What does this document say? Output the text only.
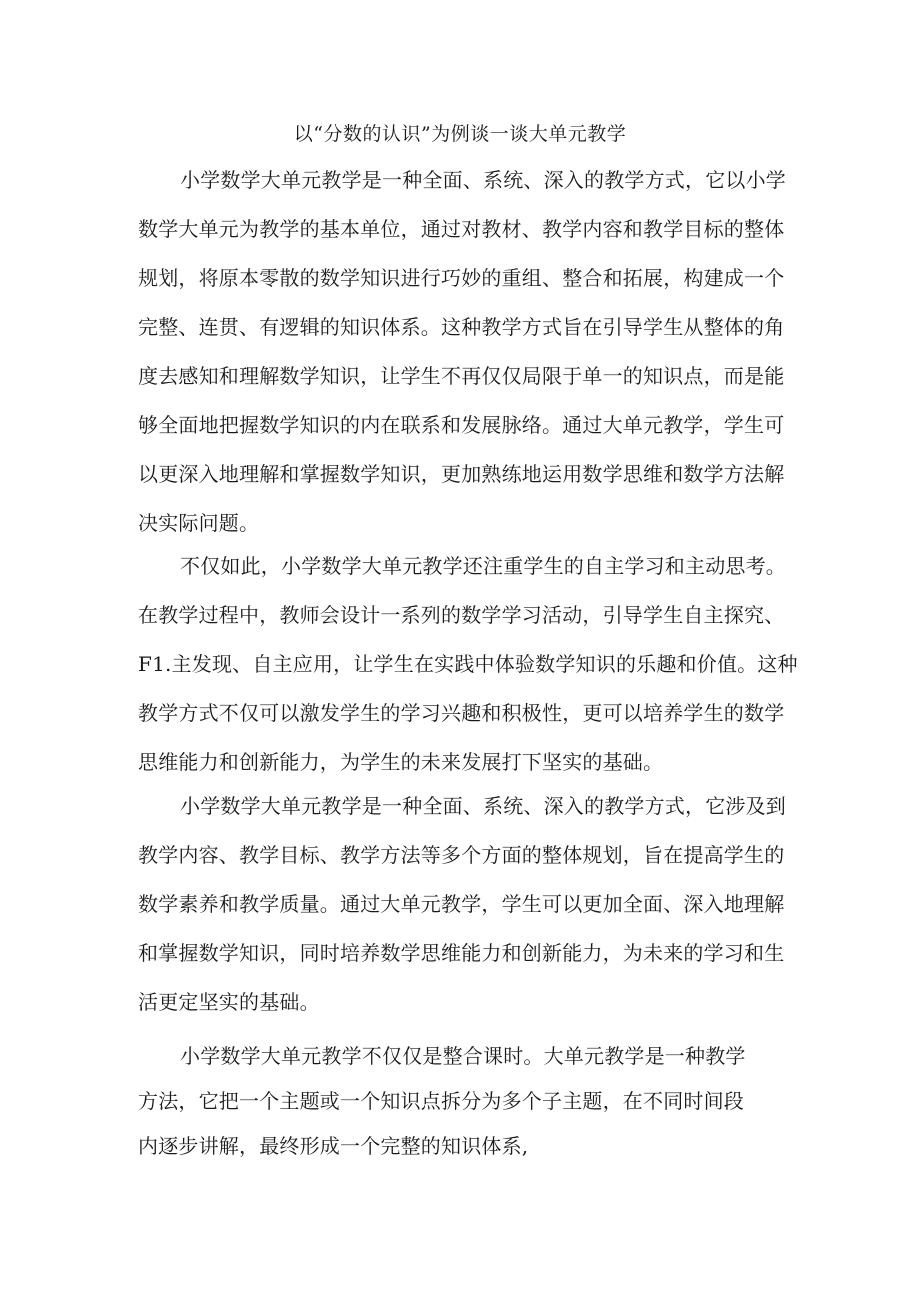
以“分数的认识”为例谈一谈大单元教学
小学数学大单元教学是一种全面、系统、深入的教学方式，它以小学
数学大单元为教学的基本单位，通过对教材、教学内容和教学目标的整体
规划，将原本零散的数学知识进行巧妙的重组、整合和拓展，构建成一个
完整、连贯、有逻辑的知识体系。这种教学方式旨在引导学生从整体的角
度去感知和理解数学知识，让学生不再仅仅局限于单一的知识点，而是能
够全面地把握数学知识的内在联系和发展脉络。通过大单元教学，学生可
以更深入地理解和掌握数学知识，更加熟练地运用数学思维和数学方法解
决实际问题。
不仅如此，小学数学大单元教学还注重学生的自主学习和主动思考。
在教学过程中，教师会设计一系列的数学学习活动，引导学生自主探究、
F1.主发现、自主应用，让学生在实践中体验数学知识的乐趣和价值。这种
教学方式不仅可以激发学生的学习兴趣和积极性，更可以培养学生的数学
思维能力和创新能力，为学生的未来发展打下坚实的基础。
小学数学大单元教学是一种全面、系统、深入的教学方式，它涉及到
教学内容、教学目标、教学方法等多个方面的整体规划，旨在提高学生的
数学素养和教学质量。通过大单元教学，学生可以更加全面、深入地理解
和掌握数学知识，同时培养数学思维能力和创新能力，为未来的学习和生
活更定坚实的基础。
小学数学大单元教学不仅仅是整合课时。大单元教学是一种教学
方法，它把一个主题或一个知识点拆分为多个子主题，在不同时间段
内逐步讲解，最终形成一个完整的知识体系,
